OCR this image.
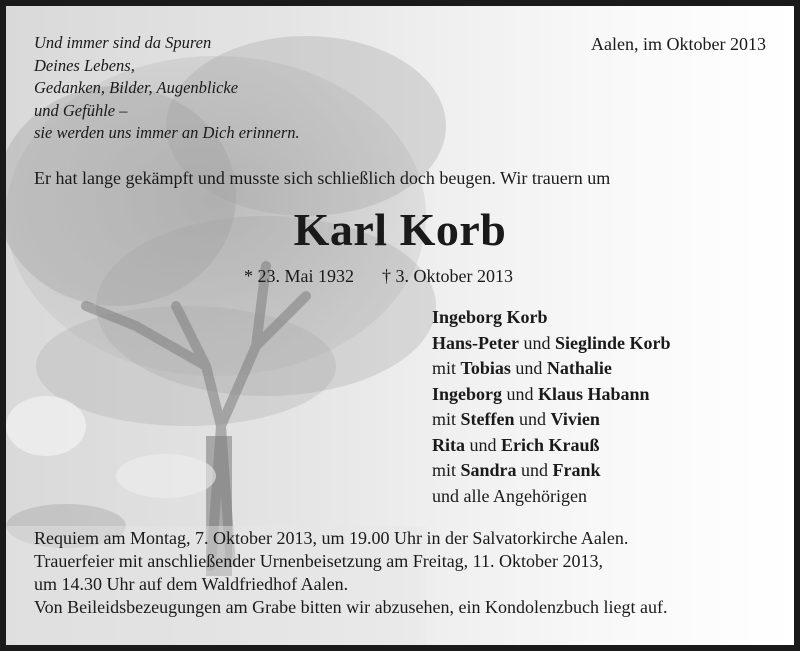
Und immer sind da Spuren
Deines Lebens,
Gedanken, Bilder, Augenblicke
und Gefühle –
sie werden uns immer an Dich erinnern.
Aalen, im Oktober 2013
Er hat lange gekämpft und musste sich schließlich doch beugen. Wir trauern um
Karl Korb
* 23. Mai 1932 † 3. Oktober 2013
Ingeborg Korb
Hans-Peter und Sieglinde Korb
mit Tobias und Nathalie
Ingeborg und Klaus Habann
mit Steffen und Vivien
Rita und Erich Krauß
mit Sandra und Frank
und alle Angehörigen
Requiem am Montag, 7. Oktober 2013, um 19.00 Uhr in der Salvatorkirche Aalen.
Trauerfeier mit anschließender Urnenbeisetzung am Freitag, 11. Oktober 2013,
um 14.30 Uhr auf dem Waldfriedhof Aalen.
Von Beileidsbezeugungen am Grabe bitten wir abzusehen, ein Kondolenzbuch liegt auf.
